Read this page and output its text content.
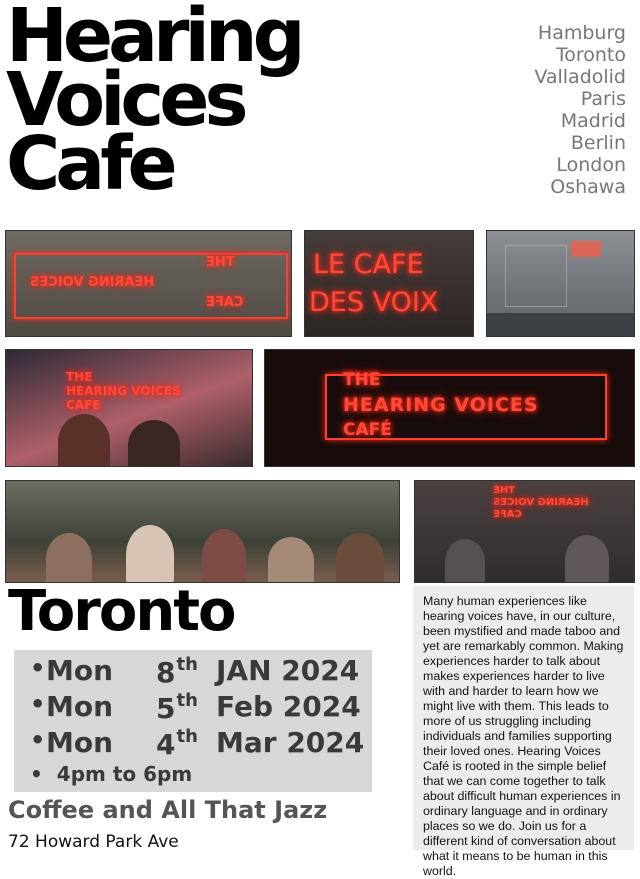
Hearing
Voices
Cafe
Hamburg
Toronto
Valladolid
Paris
Madrid
Berlin
London
Oshawa
THE
HEARING VOICES
CAFE
LE CAFE
DES VOIX
THE
HEARING VOICES
CAFE
THE
HEARING VOICES
CAFÉ
THE
HEARING VOICES
CAFE
Toronto
• Mon 8th JAN 2024
• Mon 5th Feb 2024
• Mon 4th Mar 2024
• 4pm to 6pm
Coffee and All That Jazz
72 Howard Park Ave
Many human experiences like hearing voices have, in our culture, been mystified and made taboo and yet are remarkably common. Making experiences harder to talk about makes experiences harder to live with and harder to learn how we might live with them. This leads to more of us struggling including individuals and families supporting their loved ones. Hearing Voices Café is rooted in the simple belief that we can come together to talk about difficult human experiences in ordinary language and in ordinary places so we do. Join us for a different kind of conversation about what it means to be human in this world.
